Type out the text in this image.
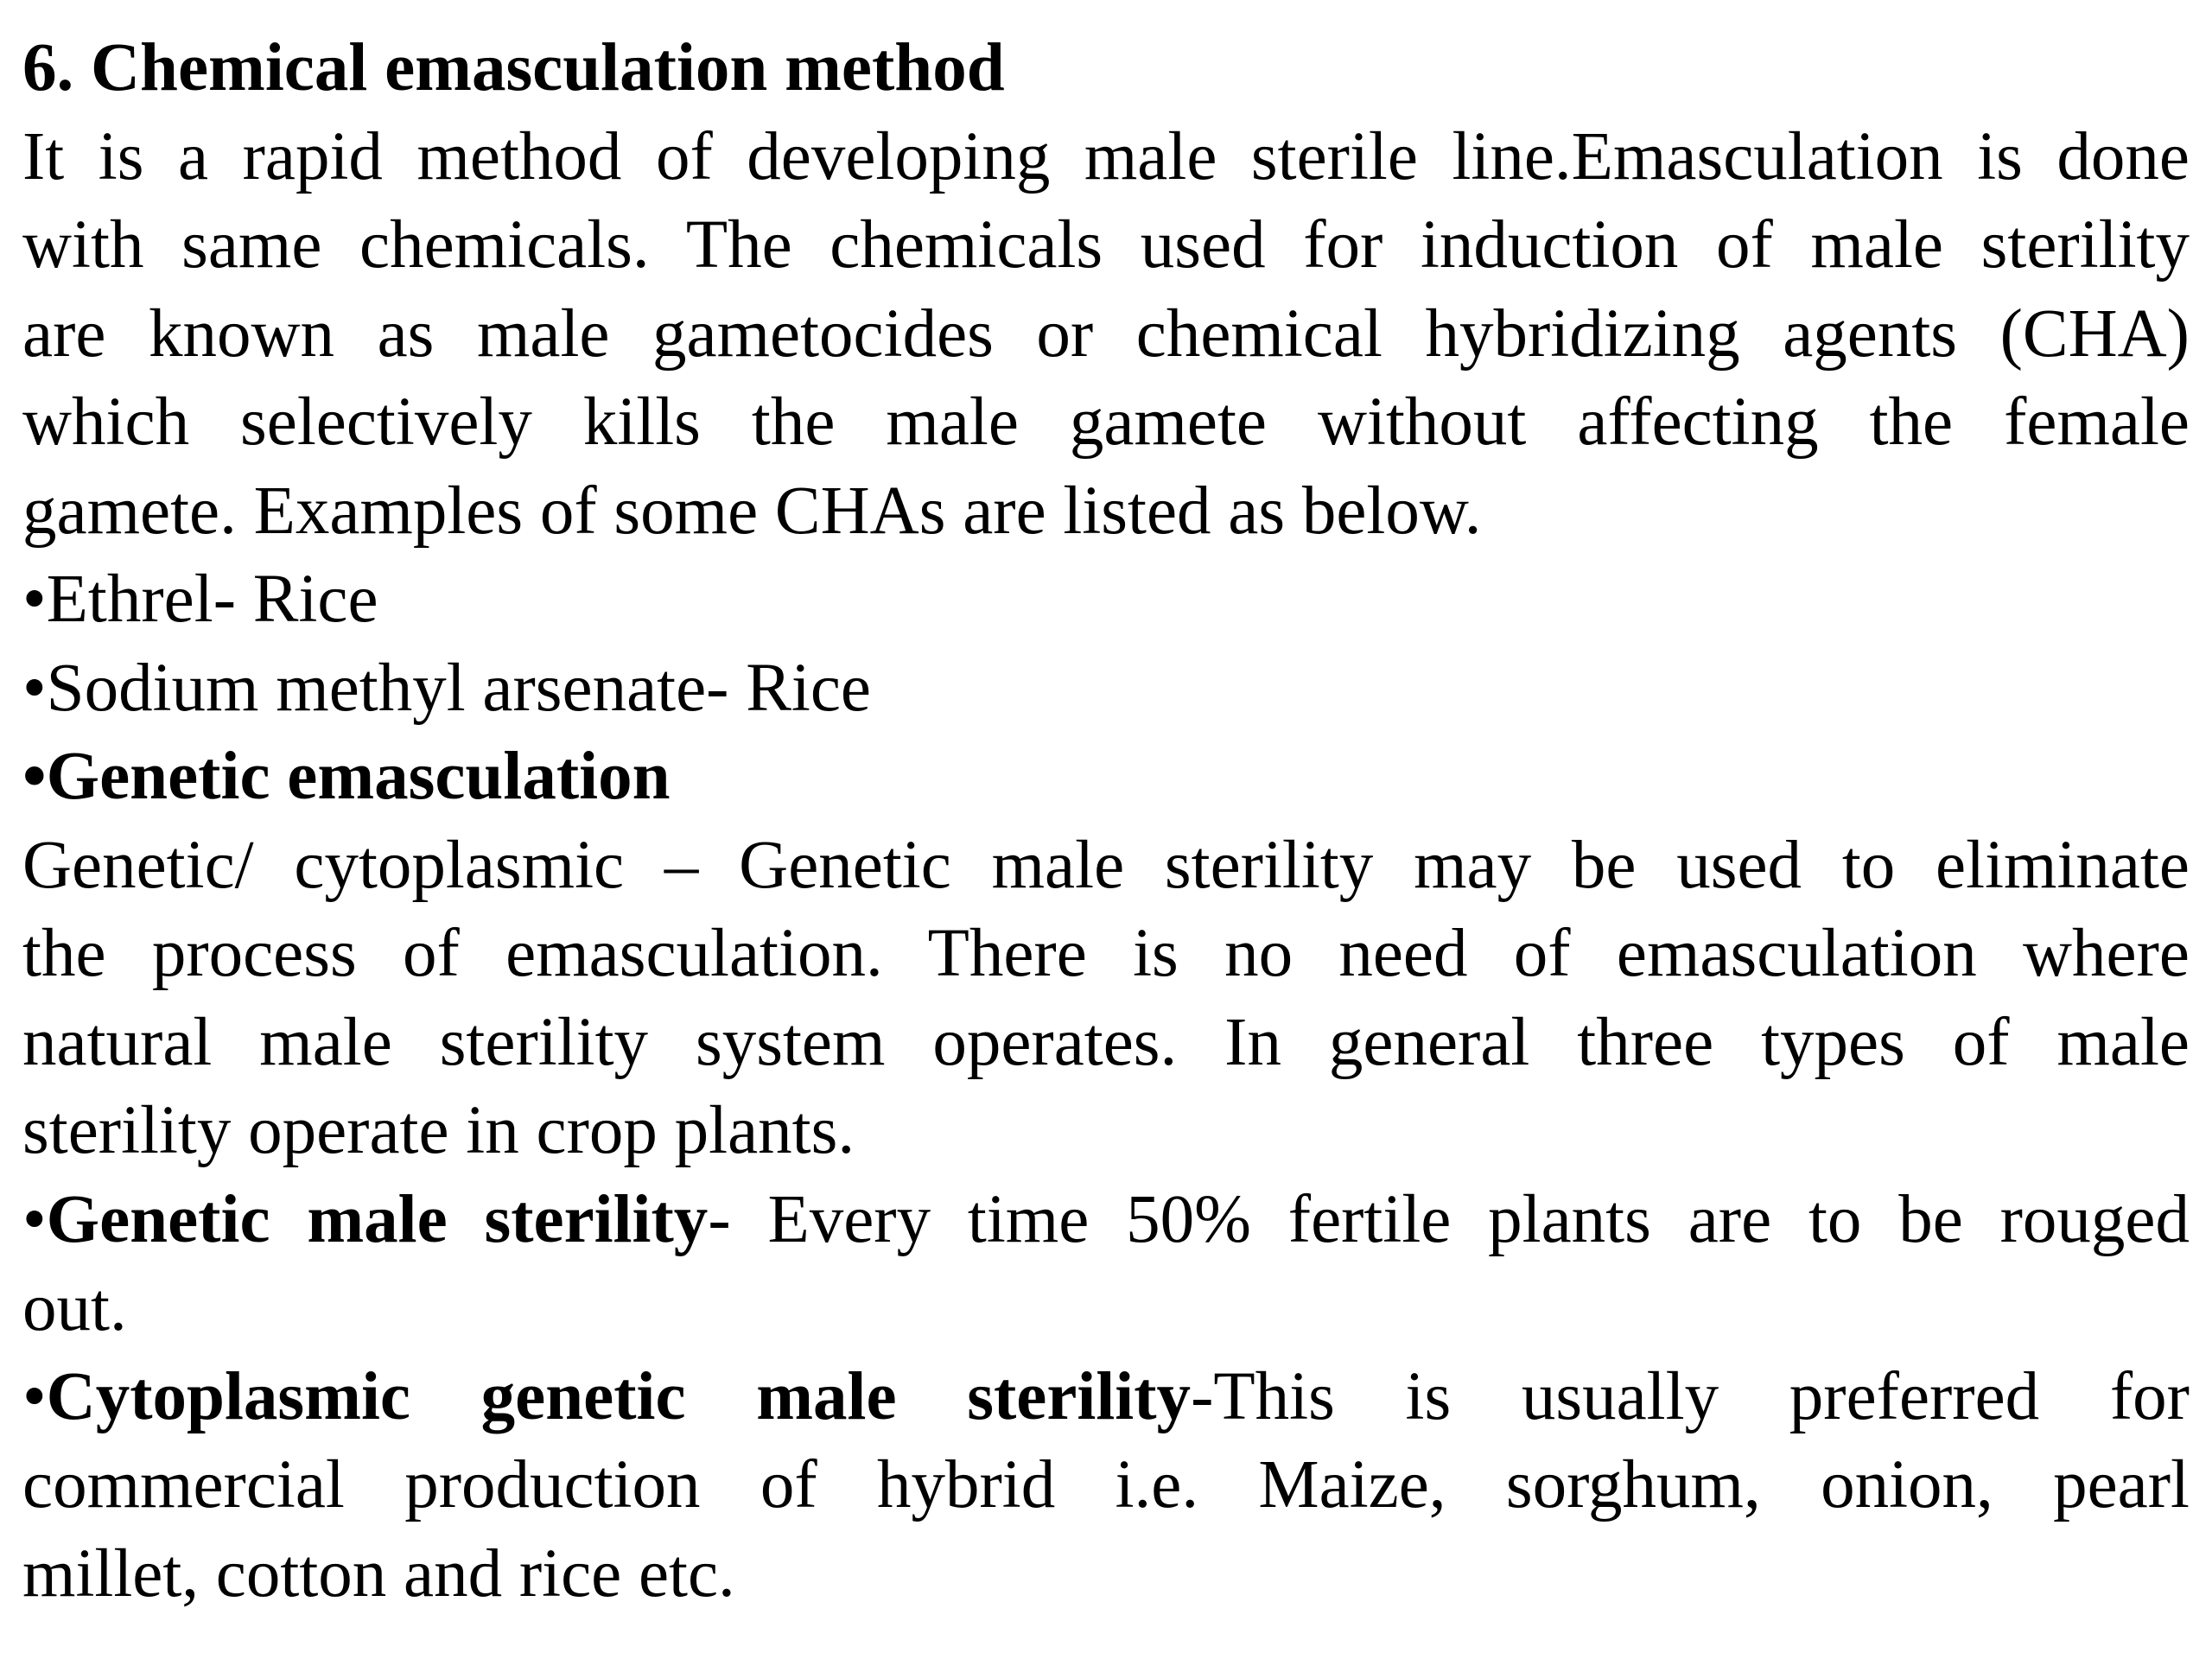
6. Chemical emasculation method
It is a rapid method of developing male sterile line.Emasculation is done
with same chemicals. The chemicals used for induction of male sterility
are known as male gametocides or chemical hybridizing agents (CHA)
which selectively kills the male gamete without affecting the female
gamete. Examples of some CHAs are listed as below.
•Ethrel- Rice
•Sodium methyl arsenate- Rice
•Genetic emasculation
Genetic/ cytoplasmic – Genetic male sterility may be used to eliminate
the process of emasculation. There is no need of emasculation where
natural male sterility system operates. In general three types of male
sterility operate in crop plants.
•Genetic male sterility- Every time 50% fertile plants are to be rouged
out.
•Cytoplasmic genetic male sterility-This is usually preferred for
commercial production of hybrid i.e. Maize, sorghum, onion, pearl
millet, cotton and rice etc.
